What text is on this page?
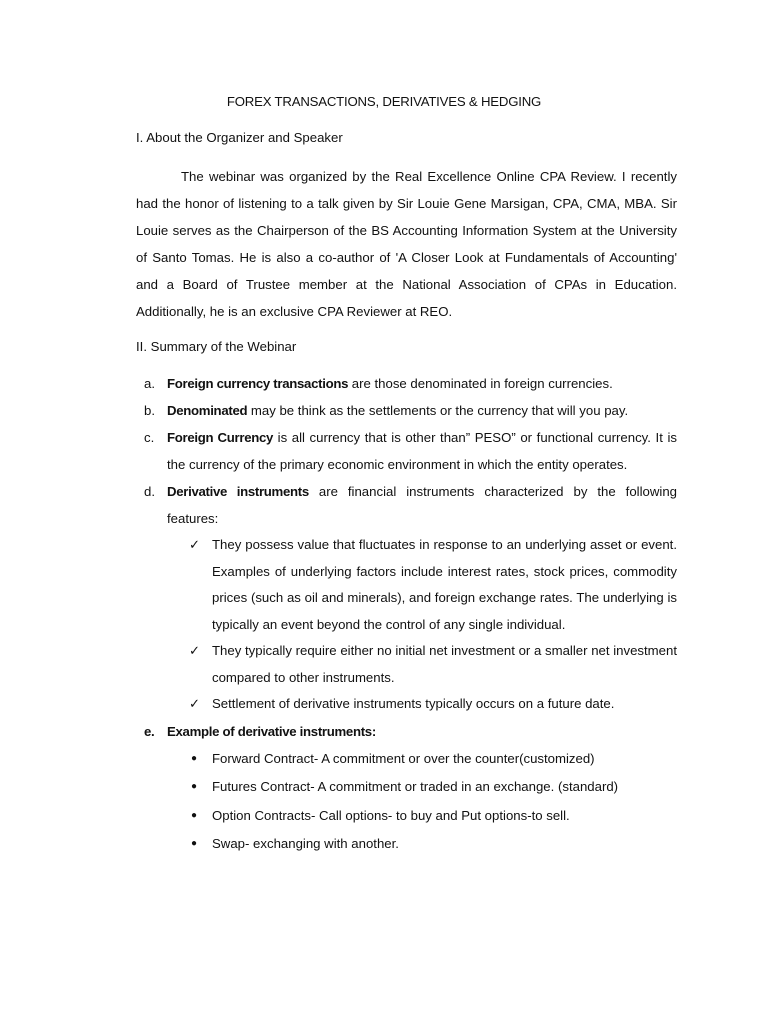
FOREX TRANSACTIONS, DERIVATIVES & HEDGING
I. About the Organizer and Speaker
The webinar was organized by the Real Excellence Online CPA Review. I recently had the honor of listening to a talk given by Sir Louie Gene Marsigan, CPA, CMA, MBA. Sir Louie serves as the Chairperson of the BS Accounting Information System at the University of Santo Tomas. He is also a co-author of 'A Closer Look at Fundamentals of Accounting' and a Board of Trustee member at the National Association of CPAs in Education. Additionally, he is an exclusive CPA Reviewer at REO.
II. Summary of the Webinar
a. Foreign currency transactions are those denominated in foreign currencies.
b. Denominated may be think as the settlements or the currency that will you pay.
c. Foreign Currency is all currency that is other than” PESO” or functional currency. It is the currency of the primary economic environment in which the entity operates.
d. Derivative instruments are financial instruments characterized by the following features:
✓ They possess value that fluctuates in response to an underlying asset or event. Examples of underlying factors include interest rates, stock prices, commodity prices (such as oil and minerals), and foreign exchange rates. The underlying is typically an event beyond the control of any single individual.
✓ They typically require either no initial net investment or a smaller net investment compared to other instruments.
✓ Settlement of derivative instruments typically occurs on a future date.
e. Example of derivative instruments:
● Forward Contract- A commitment or over the counter(customized)
● Futures Contract- A commitment or traded in an exchange. (standard)
● Option Contracts- Call options- to buy and Put options-to sell.
● Swap- exchanging with another.
